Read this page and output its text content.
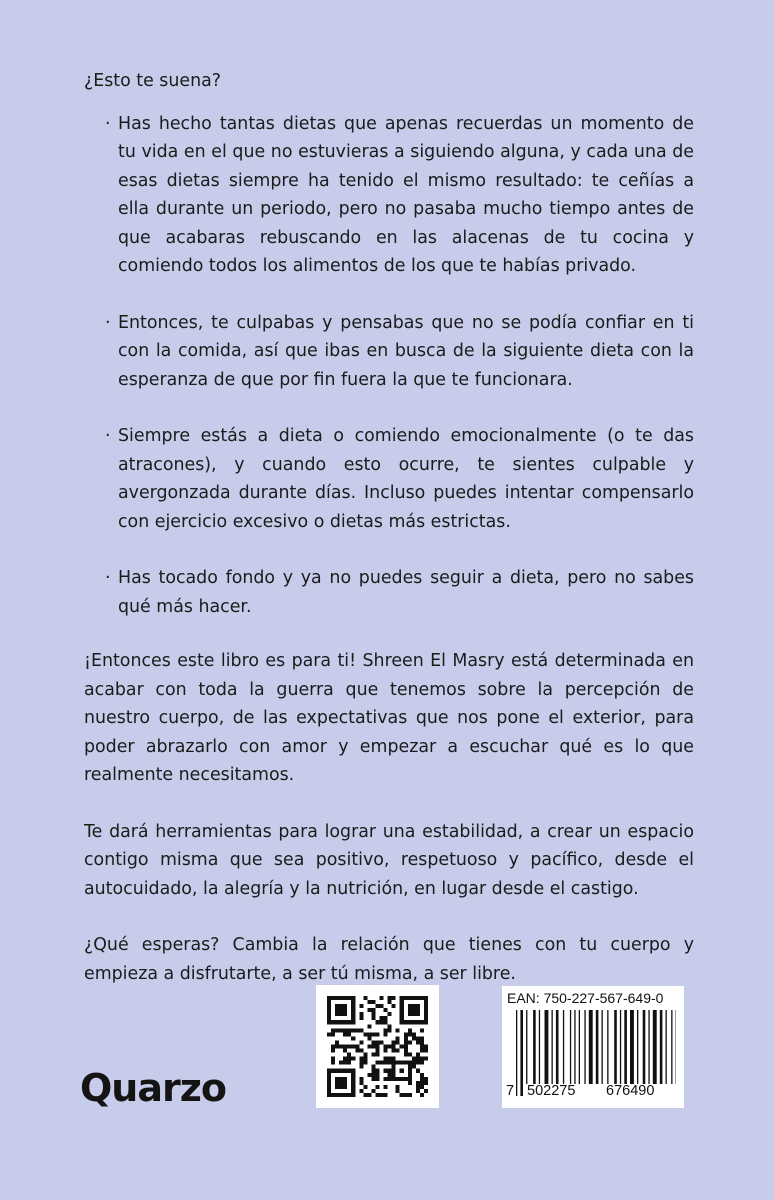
¿Esto te suena?

· Has hecho tantas dietas que apenas recuerdas un momento de tu vida en el que no estuvieras a siguiendo alguna, y cada una de esas dietas siempre ha tenido el mismo resultado: te ceñías a ella durante un periodo, pero no pasaba mucho tiempo antes de que acabaras rebuscando en las alacenas de tu cocina y comiendo todos los alimentos de los que te habías privado.
· Entonces, te culpabas y pensabas que no se podía confiar en ti con la comida, así que ibas en busca de la siguiente dieta con la esperanza de que por fin fuera la que te funcionara.
· Siempre estás a dieta o comiendo emocionalmente (o te das atracones), y cuando esto ocurre, te sientes culpable y avergonzada durante días. Incluso puedes intentar compensarlo con ejercicio excesivo o dietas más estrictas.
· Has tocado fondo y ya no puedes seguir a dieta, pero no sabes qué más hacer.

¡Entonces este libro es para ti! Shreen El Masry está determinada en acabar con toda la guerra que tenemos sobre la percepción de nuestro cuerpo, de las expectativas que nos pone el exterior, para poder abrazarlo con amor y empezar a escuchar qué es lo que realmente necesitamos.

Te dará herramientas para lograr una estabilidad, a crear un espacio contigo misma que sea positivo, respetuoso y pacífico, desde el autocuidado, la alegría y la nutrición, en lugar desde el castigo.

¿Qué esperas? Cambia la relación que tienes con tu cuerpo y empieza a disfrutarte, a ser tú misma, a ser libre.

Quarzo
EAN: 750-227-567-649-0
7 502275 676490
